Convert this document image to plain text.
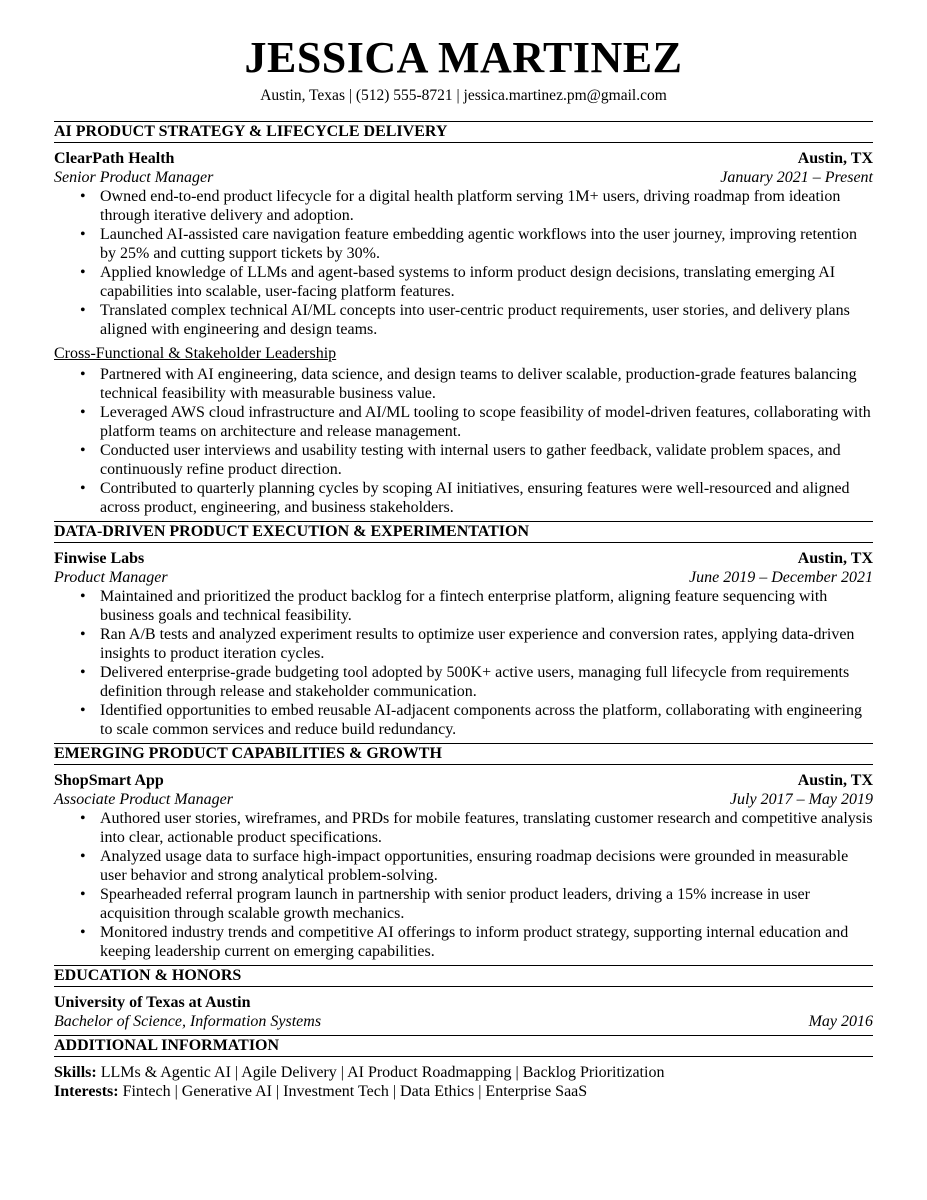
JESSICA MARTINEZ
Austin, Texas | (512) 555-8721 | jessica.martinez.pm@gmail.com
AI PRODUCT STRATEGY & LIFECYCLE DELIVERY
ClearPath Health	Austin, TX
Senior Product Manager	January 2021 – Present
• Owned end-to-end product lifecycle for a digital health platform serving 1M+ users, driving roadmap from ideation through iterative delivery and adoption.
• Launched AI-assisted care navigation feature embedding agentic workflows into the user journey, improving retention by 25% and cutting support tickets by 30%.
• Applied knowledge of LLMs and agent-based systems to inform product design decisions, translating emerging AI capabilities into scalable, user-facing platform features.
• Translated complex technical AI/ML concepts into user-centric product requirements, user stories, and delivery plans aligned with engineering and design teams.
Cross-Functional & Stakeholder Leadership
• Partnered with AI engineering, data science, and design teams to deliver scalable, production-grade features balancing technical feasibility with measurable business value.
• Leveraged AWS cloud infrastructure and AI/ML tooling to scope feasibility of model-driven features, collaborating with platform teams on architecture and release management.
• Conducted user interviews and usability testing with internal users to gather feedback, validate problem spaces, and continuously refine product direction.
• Contributed to quarterly planning cycles by scoping AI initiatives, ensuring features were well-resourced and aligned across product, engineering, and business stakeholders.
DATA-DRIVEN PRODUCT EXECUTION & EXPERIMENTATION
Finwise Labs	Austin, TX
Product Manager	June 2019 – December 2021
• Maintained and prioritized the product backlog for a fintech enterprise platform, aligning feature sequencing with business goals and technical feasibility.
• Ran A/B tests and analyzed experiment results to optimize user experience and conversion rates, applying data-driven insights to product iteration cycles.
• Delivered enterprise-grade budgeting tool adopted by 500K+ active users, managing full lifecycle from requirements definition through release and stakeholder communication.
• Identified opportunities to embed reusable AI-adjacent components across the platform, collaborating with engineering to scale common services and reduce build redundancy.
EMERGING PRODUCT CAPABILITIES & GROWTH
ShopSmart App	Austin, TX
Associate Product Manager	July 2017 – May 2019
• Authored user stories, wireframes, and PRDs for mobile features, translating customer research and competitive analysis into clear, actionable product specifications.
• Analyzed usage data to surface high-impact opportunities, ensuring roadmap decisions were grounded in measurable user behavior and strong analytical problem-solving.
• Spearheaded referral program launch in partnership with senior product leaders, driving a 15% increase in user acquisition through scalable growth mechanics.
• Monitored industry trends and competitive AI offerings to inform product strategy, supporting internal education and keeping leadership current on emerging capabilities.
EDUCATION & HONORS
University of Texas at Austin
Bachelor of Science, Information Systems	May 2016
ADDITIONAL INFORMATION
Skills: LLMs & Agentic AI | Agile Delivery | AI Product Roadmapping | Backlog Prioritization
Interests: Fintech | Generative AI | Investment Tech | Data Ethics | Enterprise SaaS
